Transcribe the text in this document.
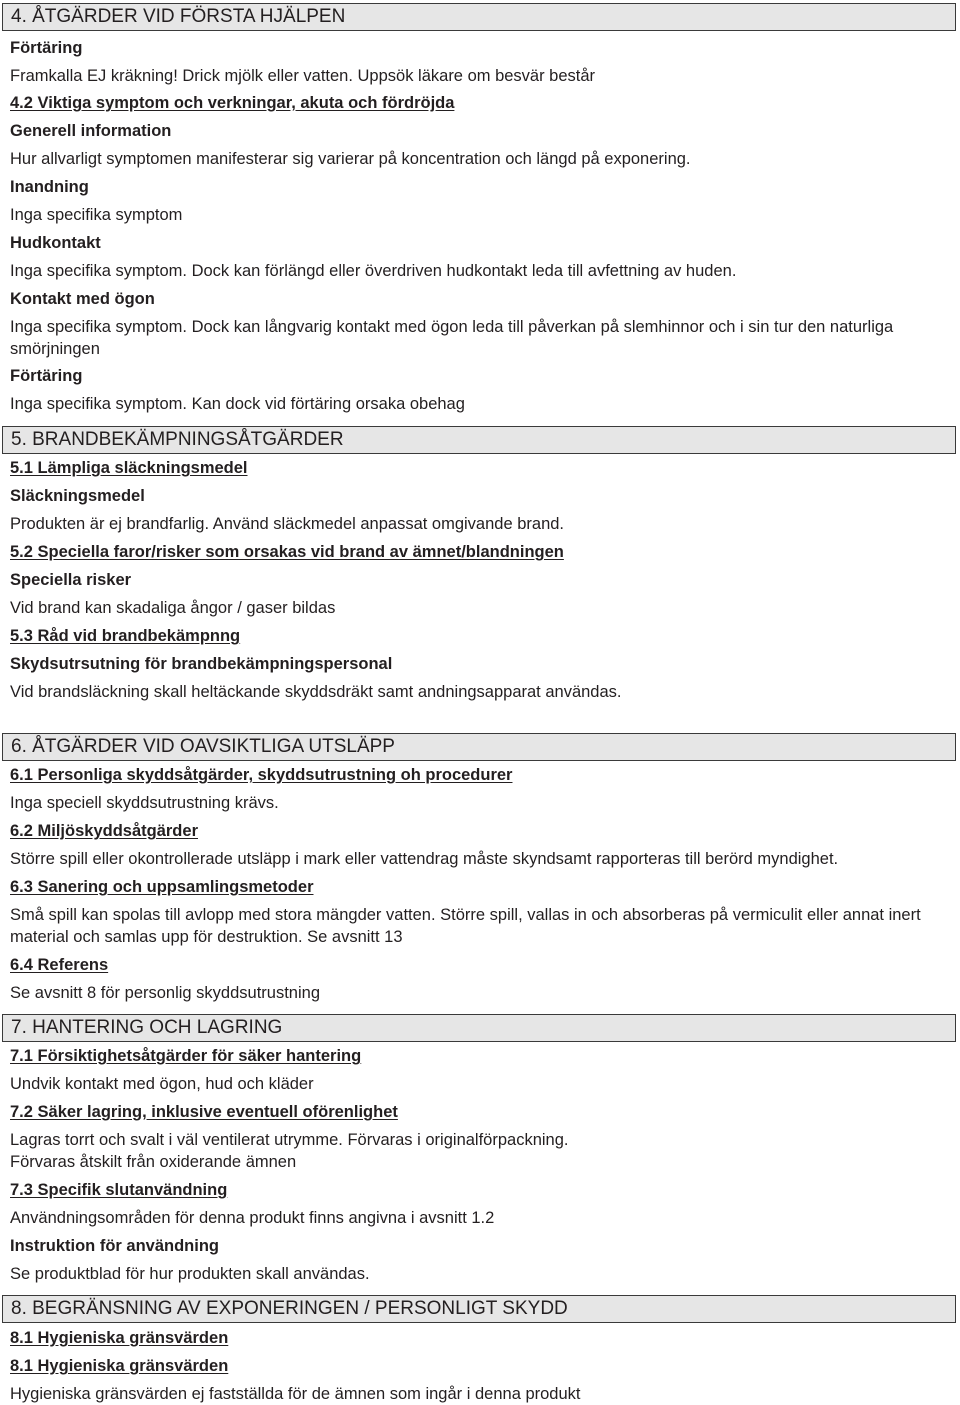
4. ÅTGÄRDER VID FÖRSTA HJÄLPEN
Förtäring
Framkalla EJ kräkning! Drick mjölk eller vatten. Uppsök läkare om besvär består
4.2 Viktiga symptom och verkningar, akuta och fördröjda
Generell information
Hur allvarligt symptomen manifesterar sig varierar på koncentration och längd på exponering.
Inandning
Inga specifika symptom
Hudkontakt
Inga specifika symptom. Dock kan förlängd eller överdriven hudkontakt leda till avfettning av huden.
Kontakt med ögon
Inga specifika symptom. Dock kan långvarig kontakt med ögon leda till påverkan på slemhinnor och i sin tur den naturliga smörjningen
Förtäring
Inga specifika symptom. Kan dock vid förtäring orsaka obehag
5. BRANDBEKÄMPNINGSÅTGÄRDER
5.1 Lämpliga släckningsmedel
Släckningsmedel
Produkten är ej brandfarlig. Använd släckmedel anpassat omgivande brand.
5.2 Speciella faror/risker som orsakas vid brand av ämnet/blandningen
Speciella risker
Vid brand kan skadaliga ångor / gaser bildas
5.3 Råd vid brandbekämpnng
Skydsutrsutning för brandbekämpningspersonal
Vid brandsläckning skall heltäckande skyddsdräkt samt andningsapparat användas.
6. ÅTGÄRDER VID OAVSIKTLIGA UTSLÄPP
6.1 Personliga skyddsåtgärder, skyddsutrustning oh procedurer
Inga speciell skyddsutrustning krävs.
6.2 Miljöskyddsåtgärder
Större spill eller okontrollerade utsläpp i mark eller vattendrag måste skyndsamt rapporteras till berörd myndighet.
6.3 Sanering och uppsamlingsmetoder
Små spill kan spolas till avlopp med stora mängder vatten. Större spill, vallas in och absorberas på vermiculit eller annat inert material och samlas upp för destruktion. Se avsnitt 13
6.4 Referens
Se avsnitt 8 för personlig skyddsutrustning
7. HANTERING OCH LAGRING
7.1 Försiktighetsåtgärder för säker hantering
Undvik kontakt med ögon, hud och kläder
7.2 Säker lagring, inklusive eventuell oförenlighet
Lagras torrt och svalt i väl ventilerat utrymme. Förvaras i originalförpackning.
Förvaras åtskilt från oxiderande ämnen
7.3 Specifik slutanvändning
Användningsområden för denna produkt finns angivna i avsnitt 1.2
Instruktion för användning
Se produktblad för hur produkten skall användas.
8. BEGRÄNSNING AV EXPONERINGEN / PERSONLIGT SKYDD
8.1 Hygieniska gränsvärden
8.1 Hygieniska gränsvärden
Hygieniska gränsvärden ej fastställda för de ämnen som ingår i denna produkt
